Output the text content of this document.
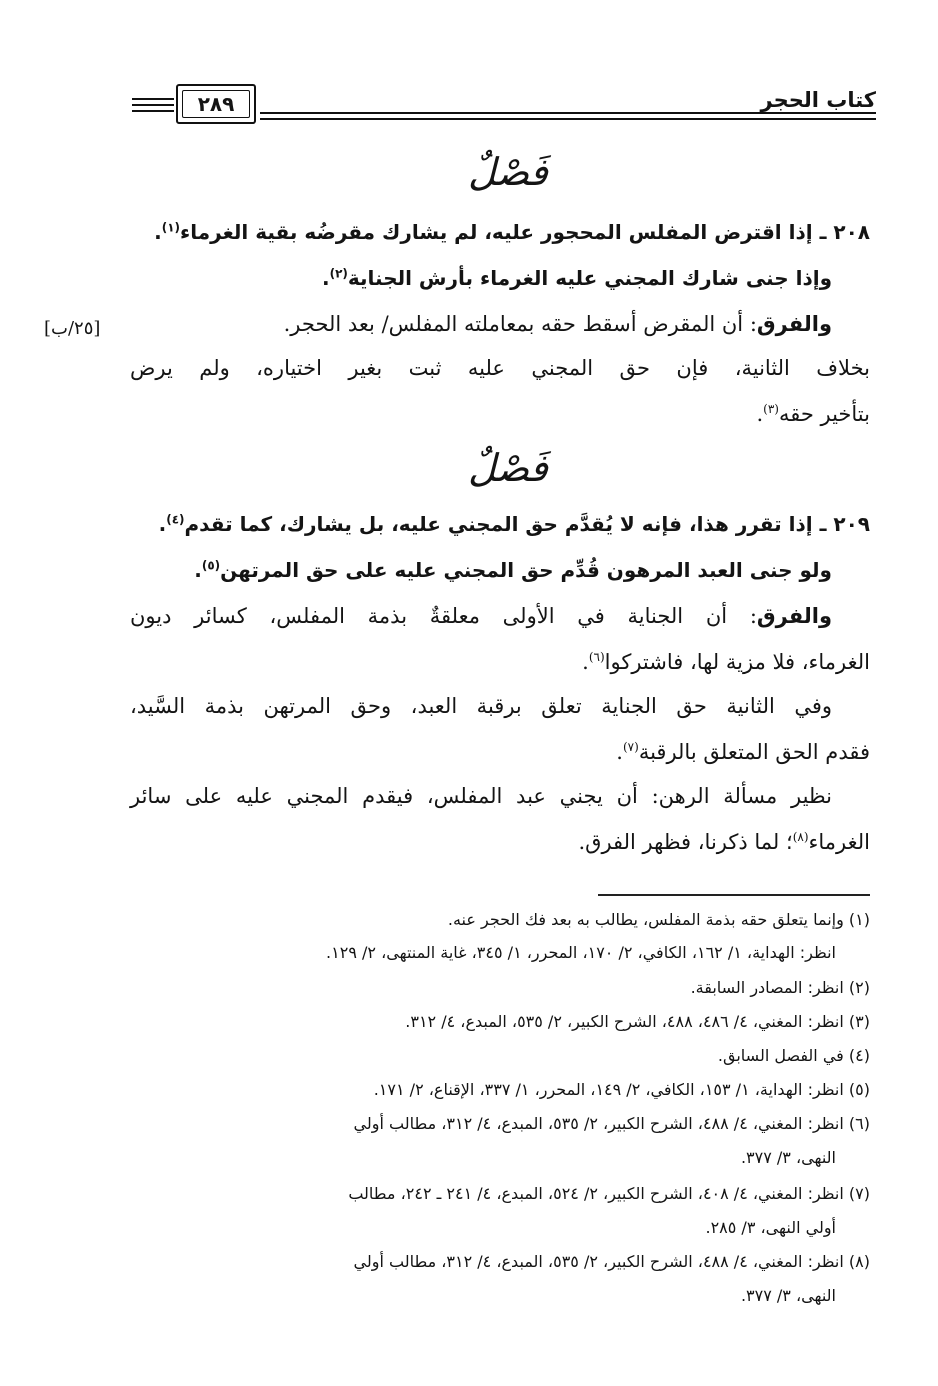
كتاب الحجر
٢٨٩
فَصْلٌ
٢٠٨ ـ إذا اقترض المفلس المحجور عليه، لم يشارك مقرضُه بقية الغرماء$^{(١)}$.
وإذا جنى شارك المجني عليه الغرماء بأرش الجناية$^{(٢)}$.
والفرق: أن المقرض أسقط حقه بمعاملته المفلس/ بعد الحجر.
[٢٥/ب]
بخلاف الثانية، فإن حق المجني عليه ثبت بغير اختياره، ولم يرض
بتأخير حقه$^{(٣)}$.
فَصْلٌ
٢٠٩ ـ إذا تقرر هذا، فإنه لا يُقدَّم حق المجني عليه، بل يشارك، كما تقدم$^{(٤)}$.
ولو جنى العبد المرهون قُدِّم حق المجني عليه على حق المرتهن$^{(٥)}$.
والفرق: أن الجناية في الأولى معلقةٌ بذمة المفلس، كسائر ديون
الغرماء، فلا مزية لها، فاشتركوا$^{(٦)}$.
وفي الثانية حق الجناية تعلق برقبة العبد، وحق المرتهن بذمة السَّيد،
فقدم الحق المتعلق بالرقبة$^{(٧)}$.
نظير مسألة الرهن: أن يجني عبد المفلس، فيقدم المجني عليه على سائر
الغرماء$^{(٨)}$؛ لما ذكرنا، فظهر الفرق.
(١) وإنما يتعلق حقه بذمة المفلس، يطالب به بعد فك الحجر عنه.
انظر: الهداية، ١/ ١٦٢، الكافي، ٢/ ١٧٠، المحرر، ١/ ٣٤٥، غاية المنتهى، ٢/ ١٢٩.
(٢) انظر: المصادر السابقة.
(٣) انظر: المغني، ٤/ ٤٨٦، ٤٨٨، الشرح الكبير، ٢/ ٥٣٥، المبدع، ٤/ ٣١٢.
(٤) في الفصل السابق.
(٥) انظر: الهداية، ١/ ١٥٣، الكافي، ٢/ ١٤٩، المحرر، ١/ ٣٣٧، الإقناع، ٢/ ١٧١.
(٦) انظر: المغني، ٤/ ٤٨٨، الشرح الكبير، ٢/ ٥٣٥، المبدع، ٤/ ٣١٢، مطالب أولي
النهى، ٣/ ٣٧٧.
(٧) انظر: المغني، ٤/ ٤٠٨، الشرح الكبير، ٢/ ٥٢٤، المبدع، ٤/ ٢٤١ ـ ٢٤٢، مطالب
أولي النهى، ٣/ ٢٨٥.
(٨) انظر: المغني، ٤/ ٤٨٨، الشرح الكبير، ٢/ ٥٣٥، المبدع، ٤/ ٣١٢، مطالب أولي
النهى، ٣/ ٣٧٧.
